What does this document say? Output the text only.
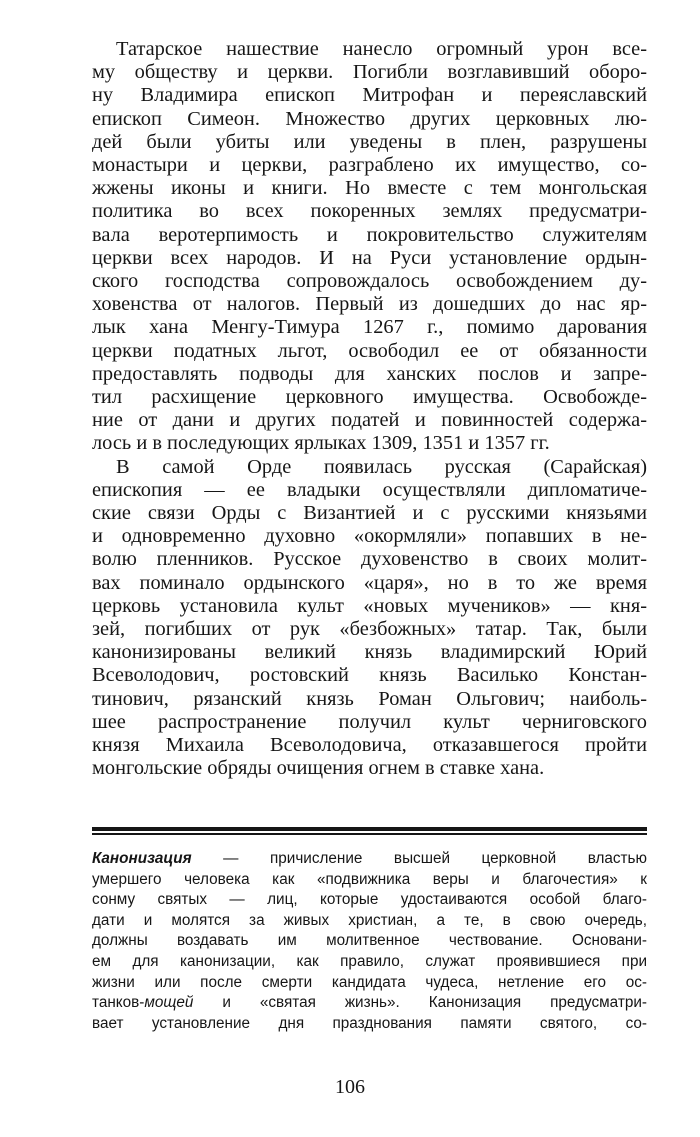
Татарское нашествие нанесло огромный урон все-
му обществу и церкви. Погибли возглавивший оборо-
ну Владимира епископ Митрофан и переяславский
епископ Симеон. Множество других церковных лю-
дей были убиты или уведены в плен, разрушены
монастыри и церкви, разграблено их имущество, со-
жжены иконы и книги. Но вместе с тем монгольская
политика во всех покоренных землях предусматри-
вала веротерпимость и покровительство служителям
церкви всех народов. И на Руси установление ордын-
ского господства сопровождалось освобождением ду-
ховенства от налогов. Первый из дошедших до нас яр-
лык хана Менгу-Тимура 1267 г., помимо дарования
церкви податных льгот, освободил ее от обязанности
предоставлять подводы для ханских послов и запре-
тил расхищение церковного имущества. Освобожде-
ние от дани и других податей и повинностей содержа-
лось и в последующих ярлыках 1309, 1351 и 1357 гг.

В самой Орде появилась русская (Сарайская)
епископия — ее владыки осуществляли дипломатиче-
ские связи Орды с Византией и с русскими князьями
и одновременно духовно «окормляли» попавших в не-
волю пленников. Русское духовенство в своих молит-
вах поминало ордынского «царя», но в то же время
церковь установила культ «новых мучеников» — кня-
зей, погибших от рук «безбожных» татар. Так, были
канонизированы великий князь владимирский Юрий
Всеволодович, ростовский князь Василько Констан-
тинович, рязанский князь Роман Ольгович; наиболь-
шее распространение получил культ черниговского
князя Михаила Всеволодовича, отказавшегося пройти
монгольские обряды очищения огнем в ставке хана.

Канонизация — причисление высшей церковной властью
умершего человека как «подвижника веры и благочестия» к
сонму святых — лиц, которые удостаиваются особой благо-
дати и молятся за живых христиан, а те, в свою очередь,
должны воздавать им молитвенное чествование. Основани-
ем для канонизации, как правило, служат проявившиеся при
жизни или после смерти кандидата чудеса, нетление его ос-
танков-мощей и «святая жизнь». Канонизация предусматри-
вает установление дня празднования памяти святого, со-

106
